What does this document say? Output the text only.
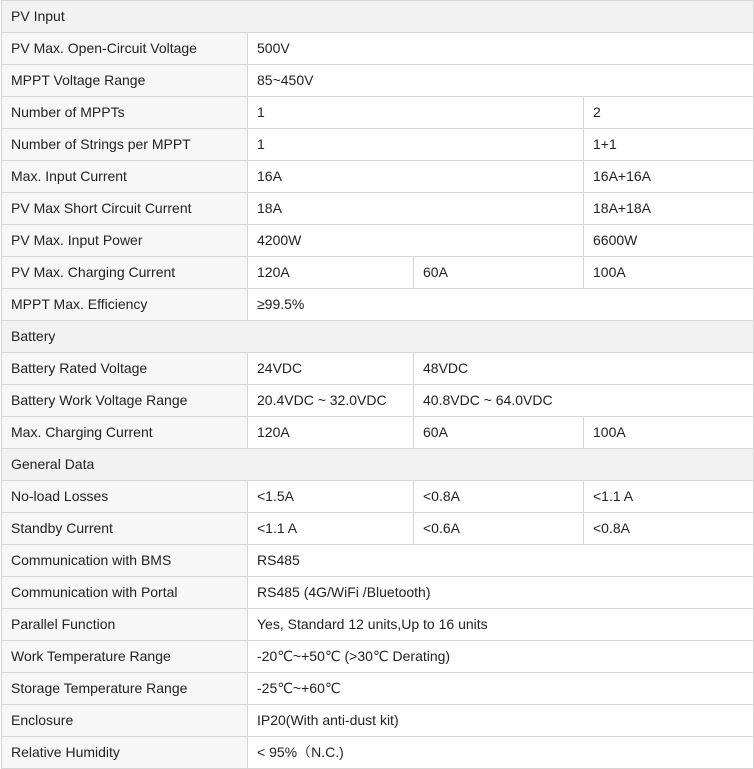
PV Input			
PV Max. Open-Circuit Voltage	500V		
MPPT Voltage Range	85~450V		
Number of MPPTs	1		2
Number of Strings per MPPT	1		1+1
Max. Input Current	16A		16A+16A
PV Max Short Circuit Current	18A		18A+18A
PV Max. Input Power	4200W		6600W
PV Max. Charging Current	120A	60A	100A
MPPT Max. Efficiency	≥99.5%		
Battery			
Battery Rated Voltage	24VDC	48VDC	
Battery Work Voltage Range	20.4VDC ~ 32.0VDC	40.8VDC ~ 64.0VDC	
Max. Charging Current	120A	60A	100A
General Data			
No-load Losses	<1.5A	<0.8A	<1.1 A
Standby Current	<1.1 A	<0.6A	<0.8A
Communication with BMS	RS485		
Communication with Portal	RS485 (4G/WiFi /Bluetooth)		
Parallel Function	Yes, Standard 12 units,Up to 16 units		
Work Temperature Range	-20℃~+50℃ (>30℃ Derating)		
Storage Temperature Range	-25℃~+60℃		
Enclosure	IP20(With anti-dust kit)		
Relative Humidity	< 95%（N.C.)		
